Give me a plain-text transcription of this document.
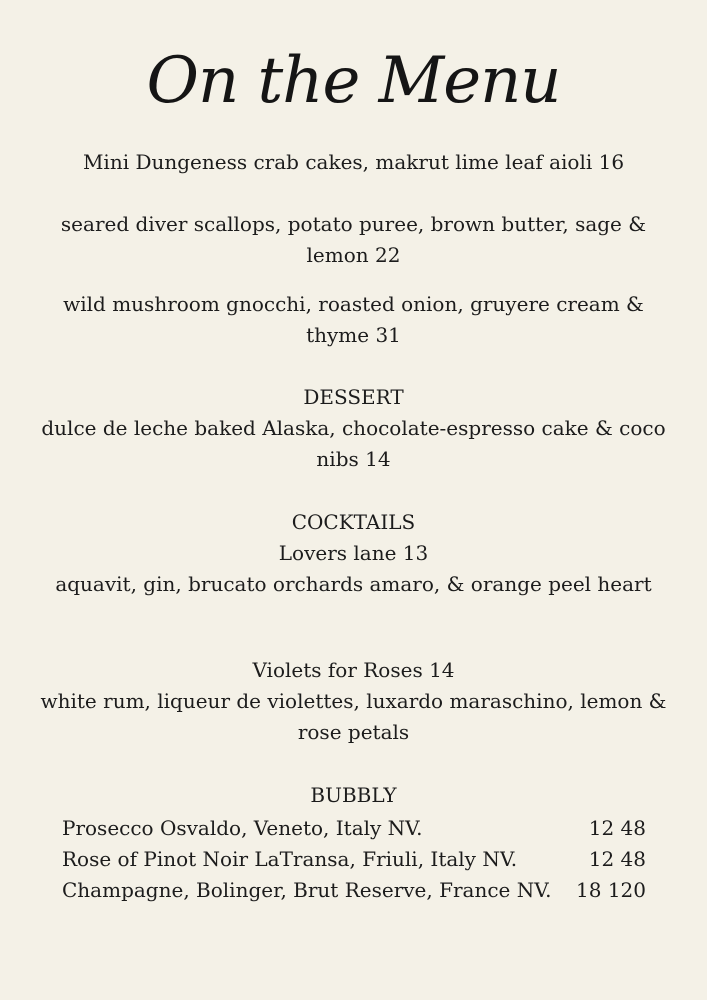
On the Menu
Mini Dungeness crab cakes, makrut lime leaf aioli 16
seared diver scallops, potato puree, brown butter, sage & lemon 22
wild mushroom gnocchi, roasted onion, gruyere cream & thyme 31
DESSERT
dulce de leche baked Alaska, chocolate-espresso cake & coco nibs 14
COCKTAILS
Lovers lane 13
aquavit, gin, brucato orchards amaro, & orange peel heart
Violets for Roses 14
white rum, liqueur de violettes, luxardo maraschino, lemon & rose petals
BUBBLY
Prosecco Osvaldo, Veneto, Italy NV.	12 48
Rose of Pinot Noir LaTransa, Friuli, Italy NV.	12 48
Champagne, Bolinger, Brut Reserve, France NV. 18 120
